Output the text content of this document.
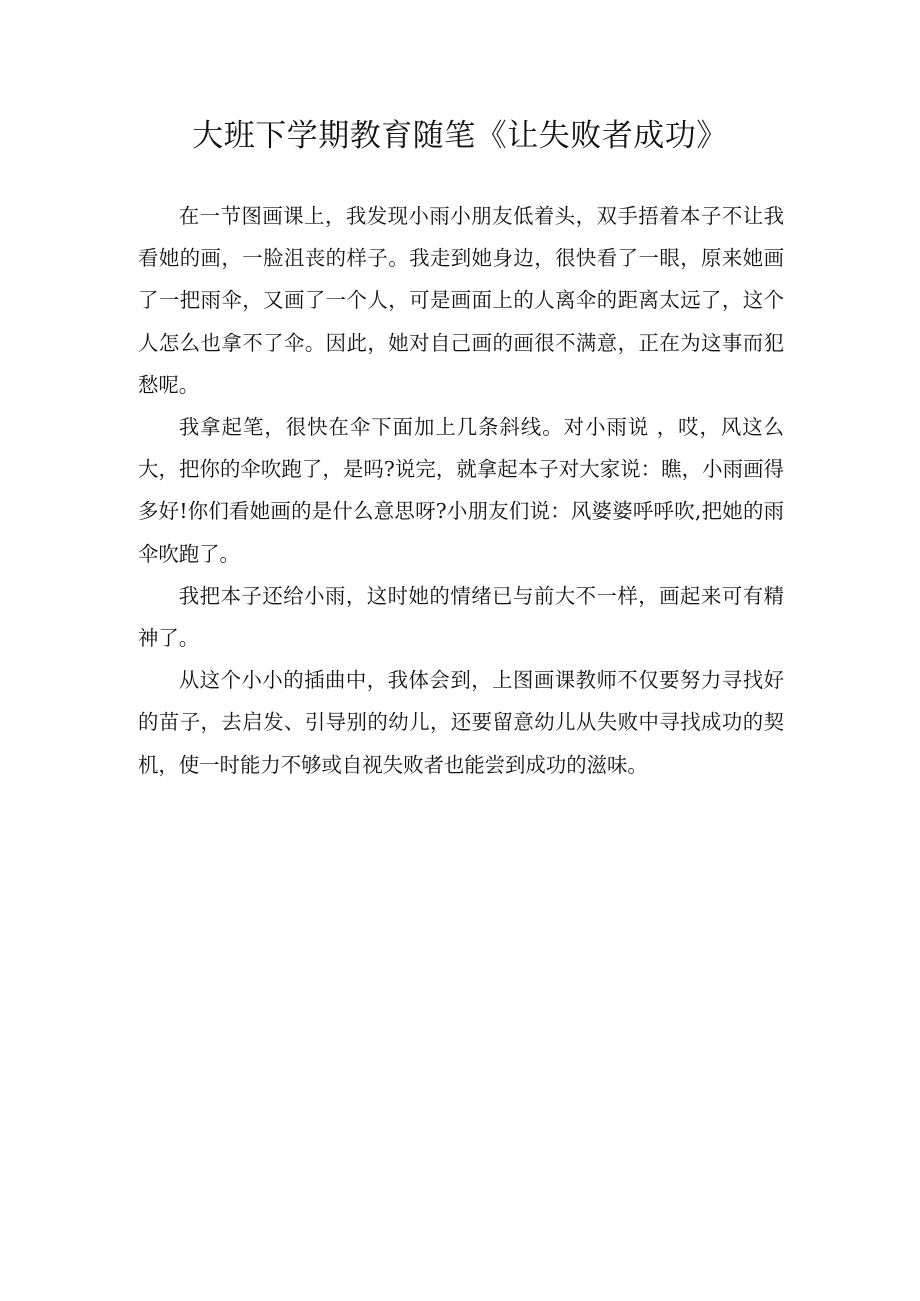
大班下学期教育随笔《让失败者成功》

在一节图画课上，我发现小雨小朋友低着头，双手捂着本子不让我看她的画，一脸沮丧的样子。我走到她身边，很快看了一眼，原来她画了一把雨伞，又画了一个人，可是画面上的人离伞的距离太远了，这个人怎么也拿不了伞。因此，她对自己画的画很不满意，正在为这事而犯愁呢。

我拿起笔，很快在伞下面加上几条斜线。对小雨说 ，哎，风这么大，把你的伞吹跑了，是吗?说完，就拿起本子对大家说：瞧，小雨画得多好!你们看她画的是什么意思呀?小朋友们说：风婆婆呼呼吹,把她的雨伞吹跑了。

我把本子还给小雨，这时她的情绪已与前大不一样，画起来可有精神了。

从这个小小的插曲中，我体会到，上图画课教师不仅要努力寻找好的苗子，去启发、引导别的幼儿，还要留意幼儿从失败中寻找成功的契机，使一时能力不够或自视失败者也能尝到成功的滋味。
